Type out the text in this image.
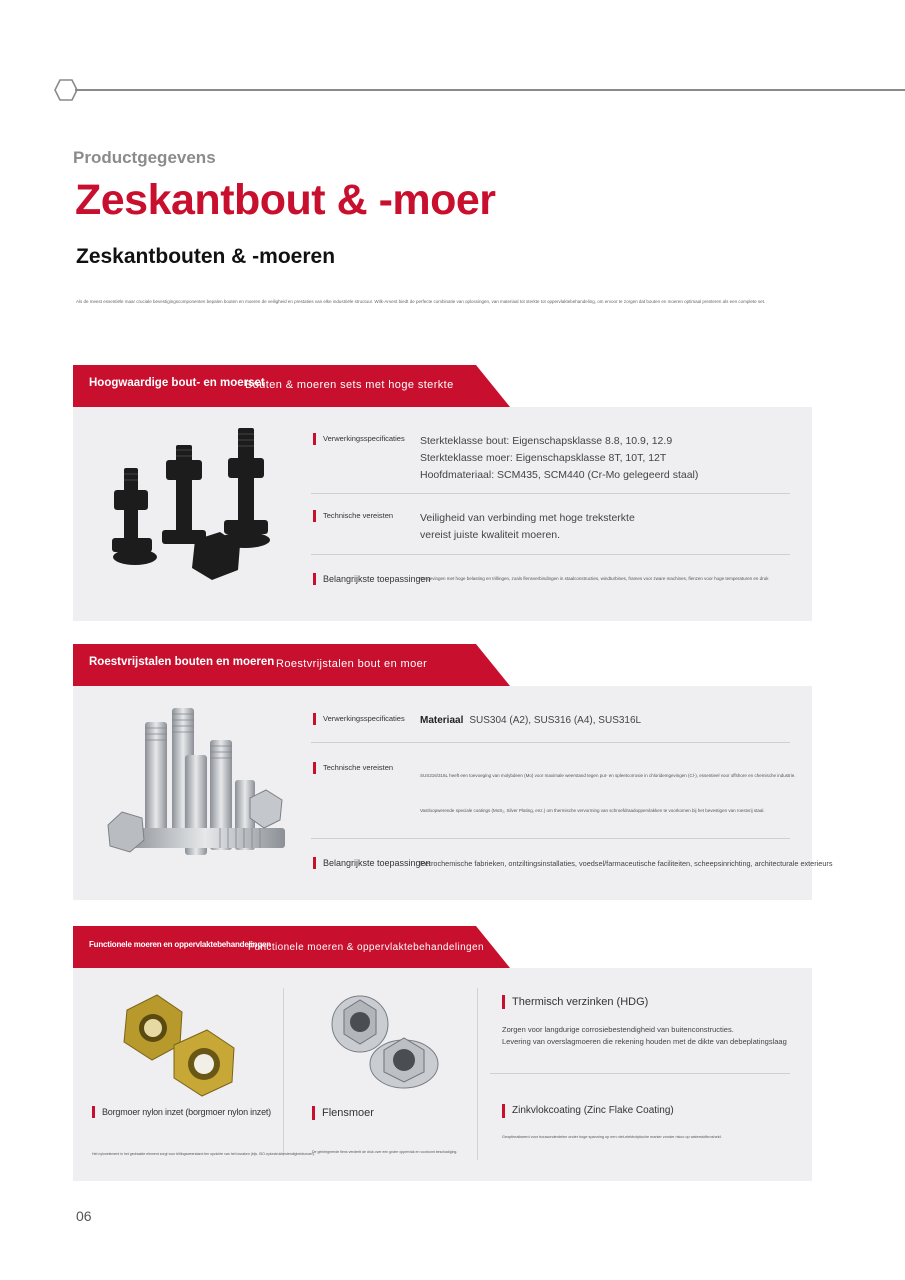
Productgegevens
Zeskantbout & -moer
Zeskantbouten & -moeren
Als de meest essentiële maar cruciale bevestigingscomponenten bepalen bouten en moeren de veiligheid en prestaties van elke industriële structuur. Wilk-Arvent biedt de perfecte combinatie van oplossingen, van materiaal tot sterkte tot oppervlaktebehandeling, om ervoor te zorgen dat bouten en moeren optimaal presteren als een complete set.
Hoogwaardige bout- en moerset
Bouten & moeren sets met hoge sterkte
Verwerkingsspecificaties Sterkteklasse bout: Eigenschapsklasse 8.8, 10.9, 12.9
Sterkteklasse moer: Eigenschapsklasse 8T, 10T, 12T
Hoofdmateriaal: SCM435, SCM440 (Cr-Mo gelegeerd staal)
Technische vereisten	Veiligheid van verbinding met hoge treksterkte
vereist juiste kwaliteit moeren.
Belangrijkste toepassingen
Omgevingen met hoge belasting en trillingen, zoals flensverbindingen in staalconstructies, windturbines, frames voor zware machines, flenzen voor hoge temperaturen en druk
Roestvrijstalen bouten en moeren Roestvrijstalen bout en moer
Verwerkingsspecificaties Materiaal SUS304 (A2), SUS316 (A4), SUS316L
Technische vereisten
SUS316/316L heeft een toevoeging van molybdeen (Mo) voor maximale weerstand tegen put- en spleetcorrosie in chloridemgevingen (Cl-), essentieel voor offshore en chemische industrie.
Vastloopwerende speciale coatings (MoS₂, Silver Plating, enz.) om thermische vervorming van schroefdraadoppervlakken te voorkomen bij het bevestigen van roestvrij staal.
Belangrijkste toepassingen
Petrochemische fabrieken, ontziltingsinstallaties, voedsel/farmaceutische faciliteiten, scheepsinrichting, architecturale exterieurs
Functionele moeren en oppervlaktebehandelingen
Functionele moeren & oppervlaktebehandelingen
Borgmoer nylon inzet (borgmoer nylon inzet)
Het nylonelement in het gedraaide element zorgt voor trillingsweerstand ten opzichte van het losraken (bijv. ISO-nylondrukbestendigheidsmoer).
Flensmoer
De geïntegreerde flens verdeelt de druk over een groter oppervlak en voorkomt beschadiging.
Thermisch verzinken (HDG)
Zorgen voor langdurige corrosiebestendigheid van buitenconstructies.
Levering van overslagmoeren die rekening houden met de dikte van debeplatingslaag
Zinkvlokcoating (Zinc Flake Coating)
Geoptimaliseerd voor bouwonderdelen onder hoge spanning op een niet-elektrolytische manier zonder risico op waterstofbrosheid.
06
